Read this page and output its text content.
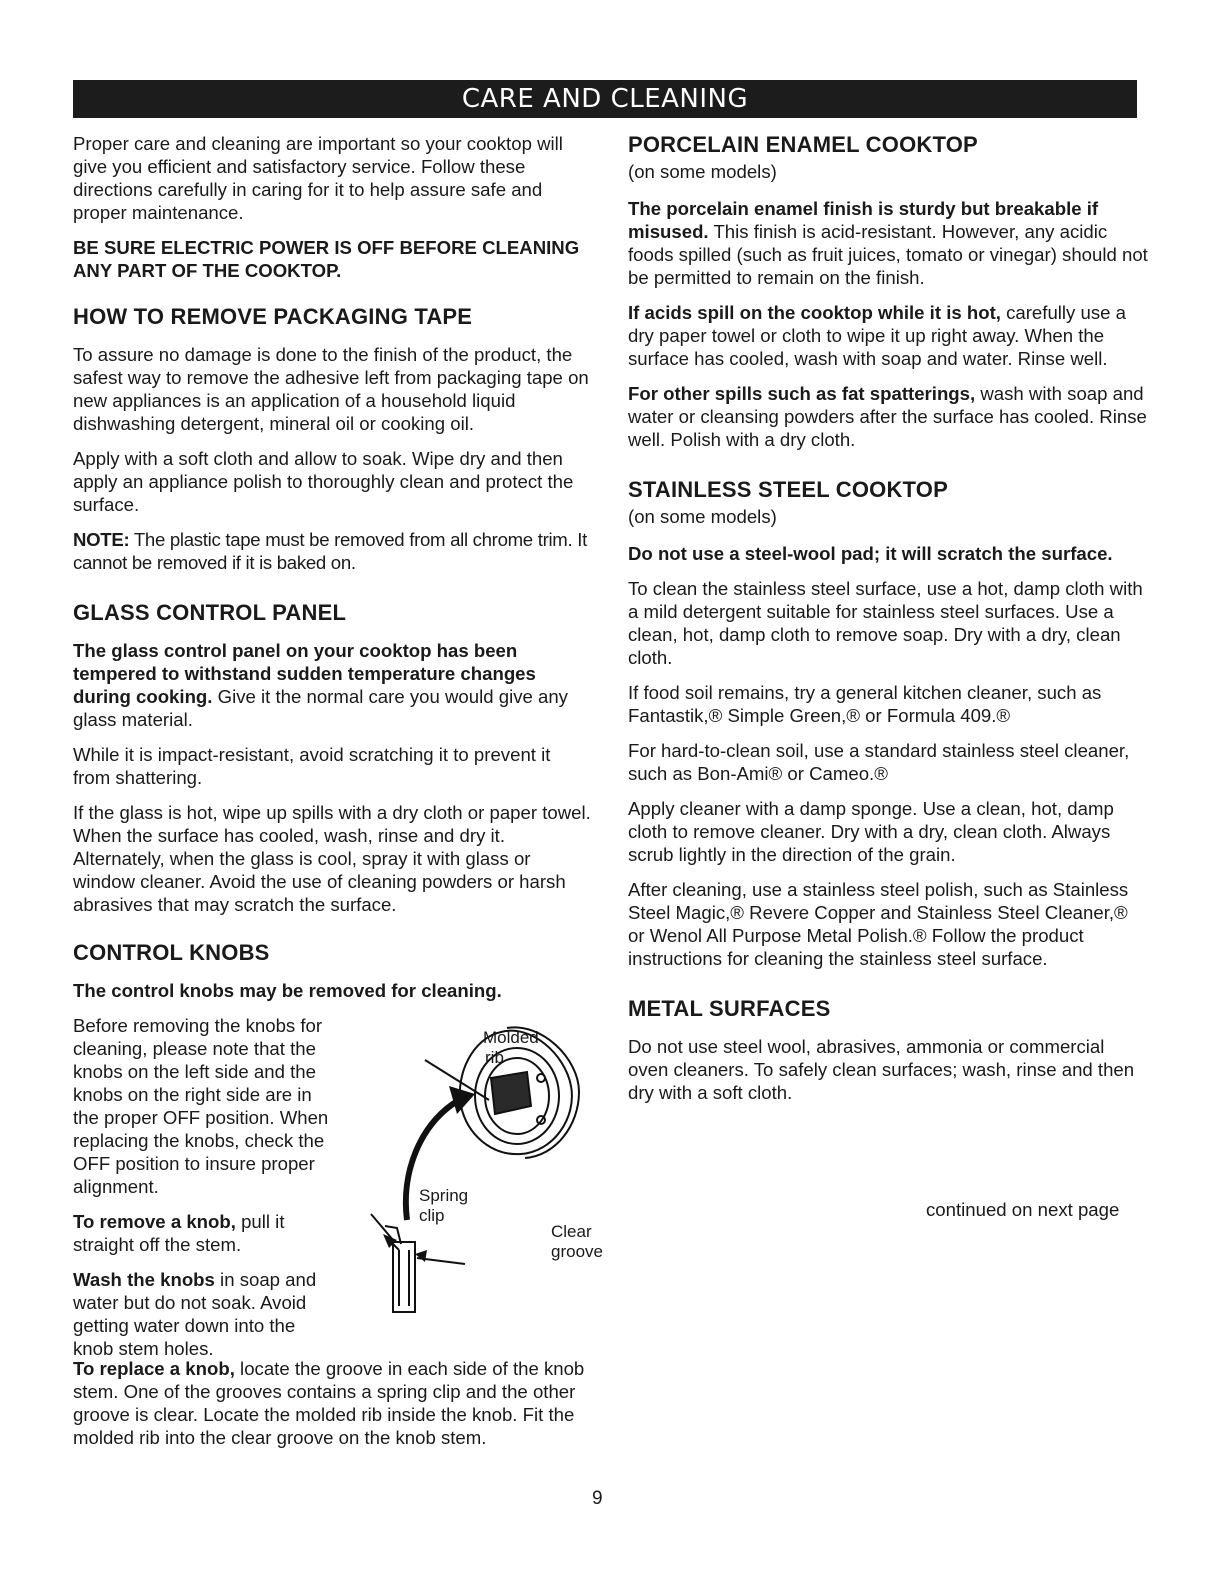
CARE AND CLEANING

Proper care and cleaning are important so your cooktop will give you efficient and satisfactory service. Follow these directions carefully in caring for it to help assure safe and proper maintenance.

BE SURE ELECTRIC POWER IS OFF BEFORE CLEANING ANY PART OF THE COOKTOP.

HOW TO REMOVE PACKAGING TAPE

To assure no damage is done to the finish of the product, the safest way to remove the adhesive left from packaging tape on new appliances is an application of a household liquid dishwashing detergent, mineral oil or cooking oil.

Apply with a soft cloth and allow to soak. Wipe dry and then apply an appliance polish to thoroughly clean and protect the surface.

NOTE: The plastic tape must be removed from all chrome trim. It cannot be removed if it is baked on.

GLASS CONTROL PANEL

The glass control panel on your cooktop has been tempered to withstand sudden temperature changes during cooking. Give it the normal care you would give any glass material.

While it is impact-resistant, avoid scratching it to prevent it from shattering.

If the glass is hot, wipe up spills with a dry cloth or paper towel. When the surface has cooled, wash, rinse and dry it. Alternately, when the glass is cool, spray it with glass or window cleaner. Avoid the use of cleaning powders or harsh abrasives that may scratch the surface.

CONTROL KNOBS

The control knobs may be removed for cleaning.

Before removing the knobs for cleaning, please note that the knobs on the left side and the knobs on the right side are in the proper OFF position. When replacing the knobs, check the OFF position to insure proper alignment.

To remove a knob, pull it straight off the stem.

Wash the knobs in soap and water but do not soak. Avoid getting water down into the knob stem holes.

Molded
rib
Spring
clip
Clear
groove

To replace a knob, locate the groove in each side of the knob stem. One of the grooves contains a spring clip and the other groove is clear. Locate the molded rib inside the knob. Fit the molded rib into the clear groove on the knob stem.

PORCELAIN ENAMEL COOKTOP

(on some models)

The porcelain enamel finish is sturdy but breakable if misused. This finish is acid-resistant. However, any acidic foods spilled (such as fruit juices, tomato or vinegar) should not be permitted to remain on the finish.

If acids spill on the cooktop while it is hot, carefully use a dry paper towel or cloth to wipe it up right away. When the surface has cooled, wash with soap and water. Rinse well.

For other spills such as fat spatterings, wash with soap and water or cleansing powders after the surface has cooled. Rinse well. Polish with a dry cloth.

STAINLESS STEEL COOKTOP

(on some models)

Do not use a steel-wool pad; it will scratch the surface.

To clean the stainless steel surface, use a hot, damp cloth with a mild detergent suitable for stainless steel surfaces. Use a clean, hot, damp cloth to remove soap. Dry with a dry, clean cloth.

If food soil remains, try a general kitchen cleaner, such as Fantastik,® Simple Green,® or Formula 409.®

For hard-to-clean soil, use a standard stainless steel cleaner, such as Bon-Ami® or Cameo.®

Apply cleaner with a damp sponge. Use a clean, hot, damp cloth to remove cleaner. Dry with a dry, clean cloth. Always scrub lightly in the direction of the grain.

After cleaning, use a stainless steel polish, such as Stainless Steel Magic,® Revere Copper and Stainless Steel Cleaner,® or Wenol All Purpose Metal Polish.® Follow the product instructions for cleaning the stainless steel surface.

METAL SURFACES

Do not use steel wool, abrasives, ammonia or commercial oven cleaners. To safely clean surfaces; wash, rinse and then dry with a soft cloth.

continued on next page
9
